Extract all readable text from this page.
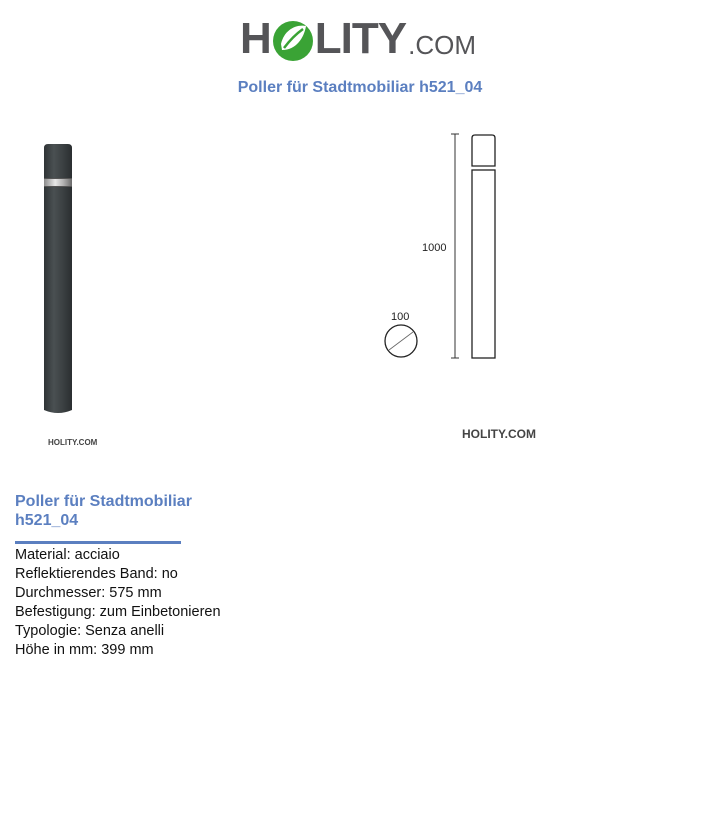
H LITY .COM
Poller für Stadtmobiliar h521_04
HOLITY.COM
1000
100
HOLITY.COM
Poller für Stadtmobiliar h521_04
Material: acciaio
Reflektierendes Band: no
Durchmesser: 575 mm
Befestigung: zum Einbetonieren
Typologie: Senza anelli
Höhe in mm: 399 mm
